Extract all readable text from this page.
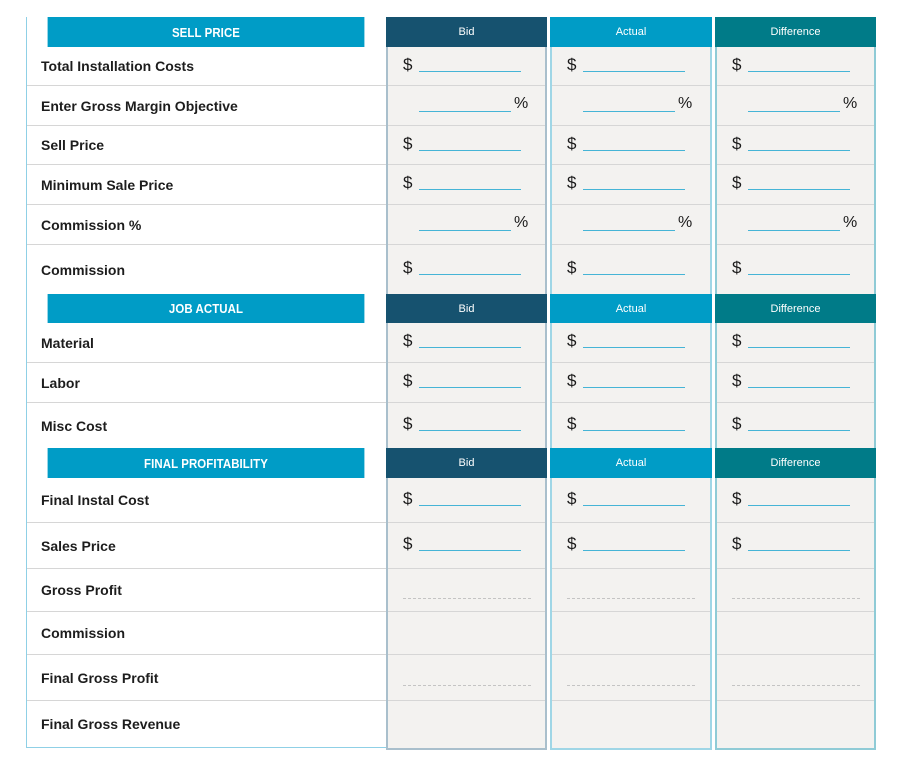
SELL PRICE
Total Installation Costs
Enter Gross Margin Objective
Sell Price
Minimum Sale Price
Commission %
Commission
JOB ACTUAL
Material
Labor
Misc Cost
FINAL PROFITABILITY
Final Instal Cost
Sales Price
Gross Profit
Commission
Final Gross Profit
Final Gross Revenue
Bid
$
%
$
$
%
$
Bid
$
$
$
Bid
$
$
Actual
$
%
$
$
%
$
Actual
$
$
$
Actual
$
$
Difference
$
%
$
$
%
$
Difference
$
$
$
Difference
$
$
